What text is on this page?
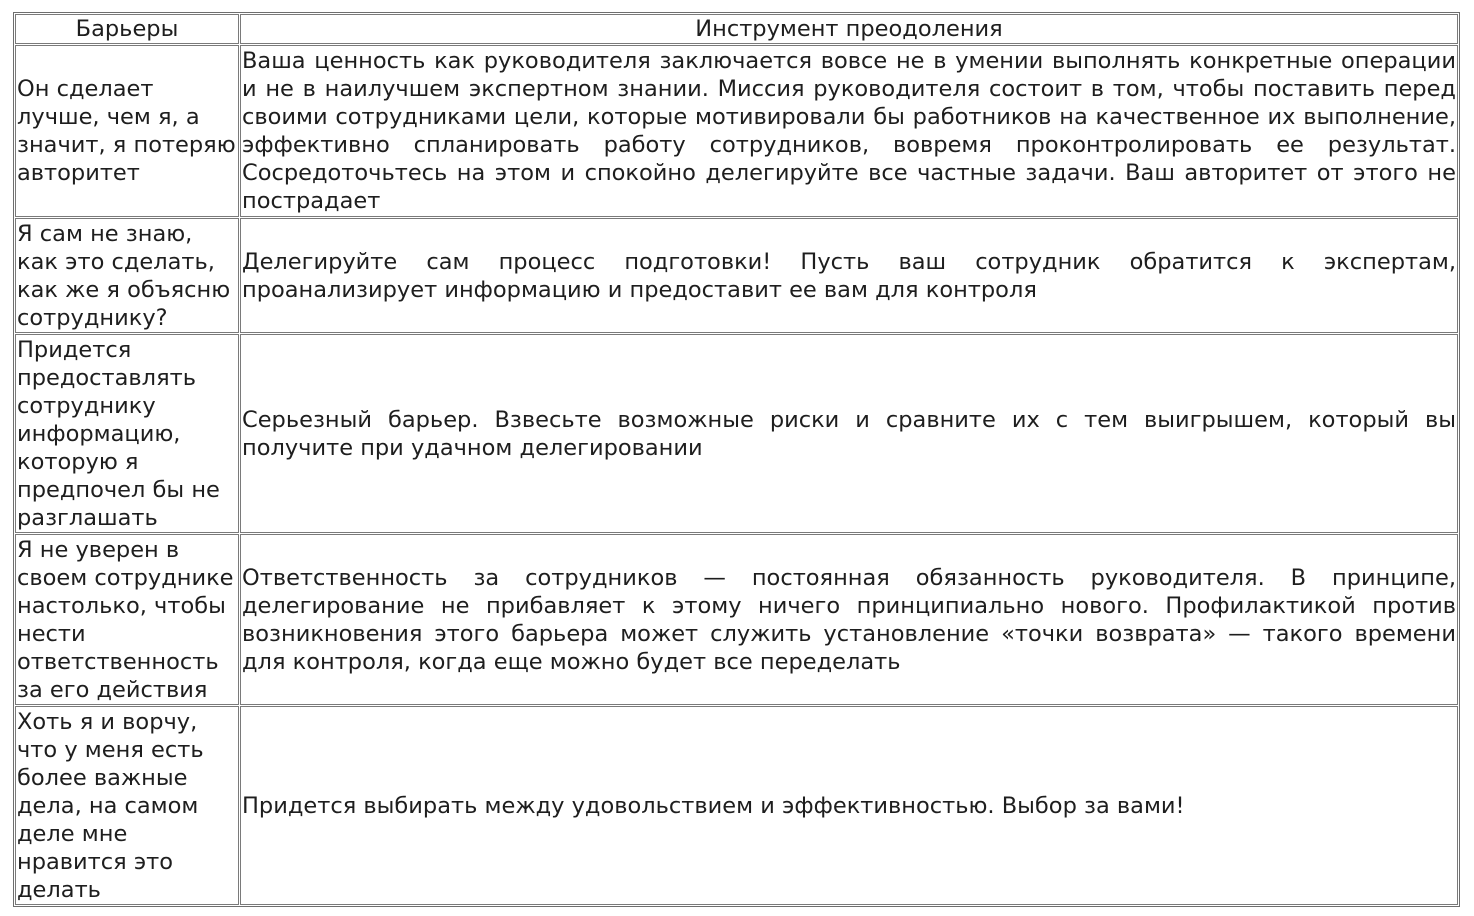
Барьеры	Инструмент преодоления
Он сделает лучше, чем я, а значит, я потеряю авторитет	Ваша ценность как руководителя заключается вовсе не в умении выполнять конкретные операции и не в наилучшем экспертном знании. Миссия руководителя состоит в том, чтобы поставить перед своими сотрудниками цели, которые мотивировали бы работников на качественное их выполнение, эффективно спланировать работу сотрудников, вовремя проконтролировать ее результат. Сосредоточьтесь на этом и спокойно делегируйте все частные задачи. Ваш авторитет от этого не пострадает
Я сам не знаю, как это сделать, как же я объясню сотруднику?	Делегируйте сам процесс подготовки! Пусть ваш сотрудник обратится к экспертам, проанализирует информацию и предоставит ее вам для контроля
Придется предоставлять сотруднику информацию, которую я предпочел бы не разглашать	Серьезный барьер. Взвесьте возможные риски и сравните их с тем выигрышем, который вы получите при удачном делегировании
Я не уверен в своем сотруднике настолько, чтобы нести ответственность за его действия	Ответственность за сотрудников — постоянная обязанность руководителя. В принципе, делегирование не прибавляет к этому ничего принципиально нового. Профилактикой против возникновения этого барьера может служить установление «точки возврата» — такого времени для контроля, когда еще можно будет все переделать
Хоть я и ворчу, что у меня есть более важные дела, на самом деле мне нравится это делать	Придется выбирать между удовольствием и эффективностью. Выбор за вами!
